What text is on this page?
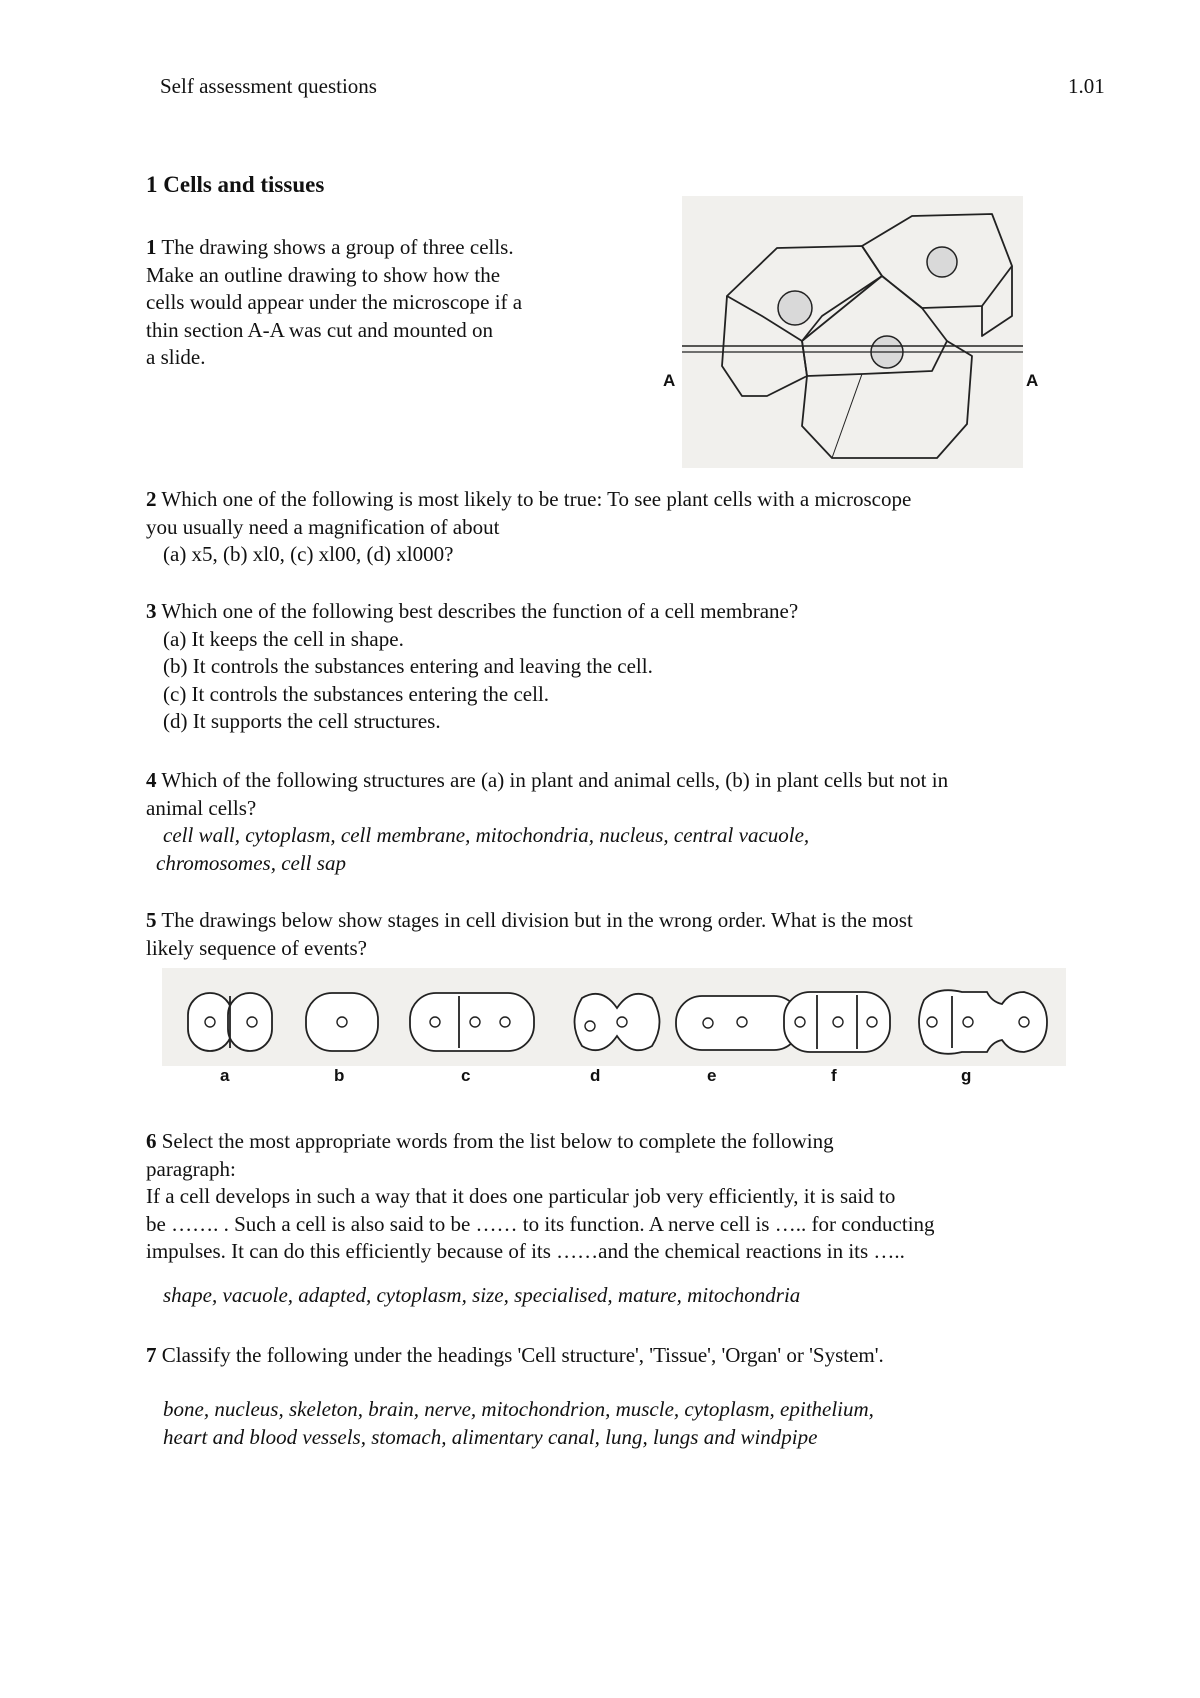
Self assessment questions	1.01
1 Cells and tissues
1 The drawing shows a group of three cells.
Make an outline drawing to show how the
cells would appear under the microscope if a
thin section A-A was cut and mounted on
a slide.
A	A
2 Which one of the following is most likely to be true: To see plant cells with a microscope
you usually need a magnification of about
(a) x5, (b) xl0, (c) xl00, (d) xl000?
3 Which one of the following best describes the function of a cell membrane?
(a) It keeps the cell in shape.
(b) It controls the substances entering and leaving the cell.
(c) It controls the substances entering the cell.
(d) It supports the cell structures.
4 Which of the following structures are (a) in plant and animal cells, (b) in plant cells but not in
animal cells?
cell wall, cytoplasm, cell membrane, mitochondria, nucleus, central vacuole,
chromosomes, cell sap
5 The drawings below show stages in cell division but in the wrong order. What is the most
likely sequence of events?
a	b	c	d	e	f	g
6 Select the most appropriate words from the list below to complete the following
paragraph:
If a cell develops in such a way that it does one particular job very efficiently, it is said to
be ……. . Such a cell is also said to be …… to its function. A nerve cell is ….. for conducting
impulses. It can do this efficiently because of its ……and the chemical reactions in its …..
shape, vacuole, adapted, cytoplasm, size, specialised, mature, mitochondria
7 Classify the following under the headings 'Cell structure', 'Tissue', 'Organ' or 'System'.
bone, nucleus, skeleton, brain, nerve, mitochondrion, muscle, cytoplasm, epithelium,
heart and blood vessels, stomach, alimentary canal, lung, lungs and windpipe
